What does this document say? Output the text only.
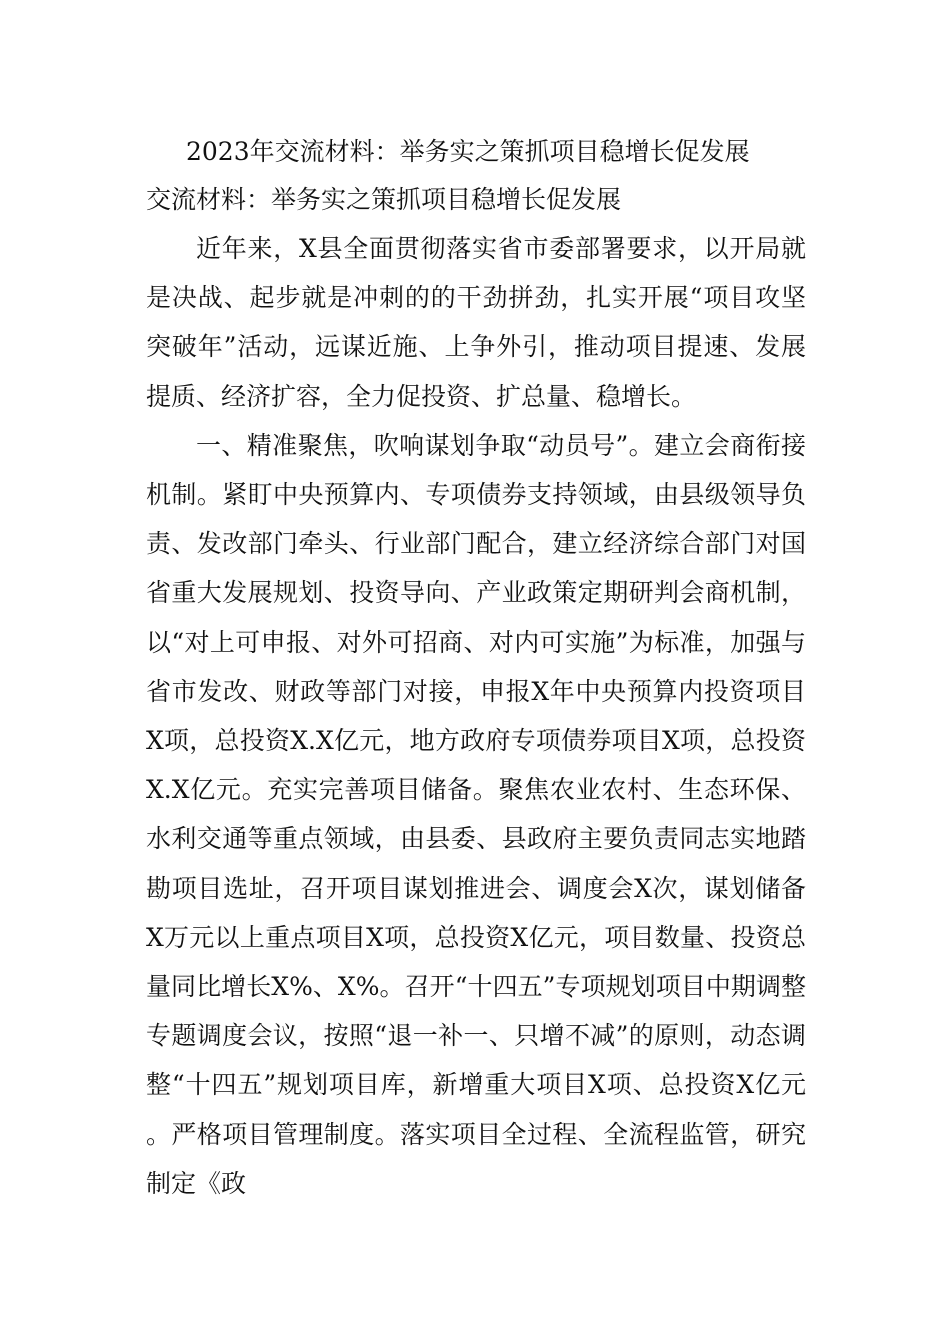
2023年交流材料：举务实之策抓项目稳增长促发展
交流材料：举务实之策抓项目稳增长促发展

近年来，X县全面贯彻落实省市委部署要求，以开局就是决战、起步就是冲刺的的干劲拼劲，扎实开展“项目攻坚突破年”活动，远谋近施、上争外引，推动项目提速、发展提质、经济扩容，全力促投资、扩总量、稳增长。

一、精准聚焦，吹响谋划争取“动员号”。建立会商衔接机制。紧盯中央预算内、专项债券支持领域，由县级领导负责、发改部门牵头、行业部门配合，建立经济综合部门对国省重大发展规划、投资导向、产业政策定期研判会商机制，以“对上可申报、对外可招商、对内可实施”为标准，加强与省市发改、财政等部门对接，申报X年中央预算内投资项目X项，总投资X.X亿元，地方政府专项债券项目X项，总投资X.X亿元。充实完善项目储备。聚焦农业农村、生态环保、水利交通等重点领域，由县委、县政府主要负责同志实地踏勘项目选址，召开项目谋划推进会、调度会X次，谋划储备X万元以上重点项目X项，总投资X亿元，项目数量、投资总量同比增长X%、X%。召开“十四五”专项规划项目中期调整专题调度会议，按照“退一补一、只增不减”的原则，动态调整“十四五”规划项目库，新增重大项目X项、总投资X亿元。严格项目管理制度。落实项目全过程、全流程监管，研究制定《政
